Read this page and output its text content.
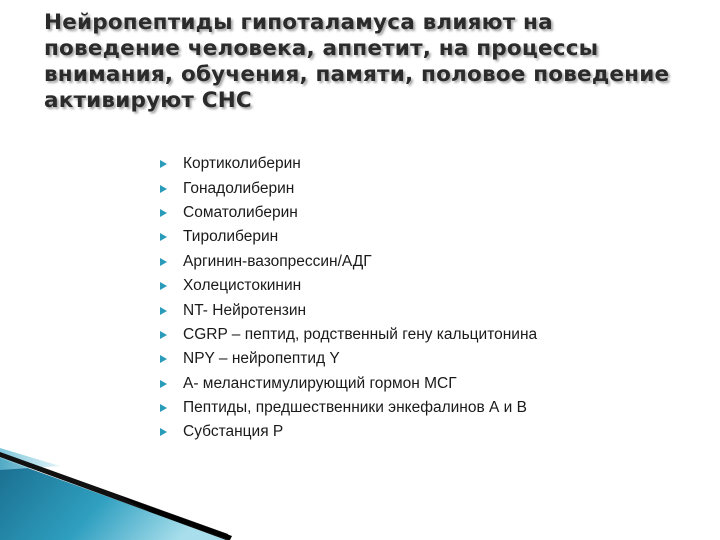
Нейропептиды гипоталамуса влияют на поведение человека, аппетит, на процессы внимания, обучения, памяти, половое поведение активируют СНС
Кортиколиберин
Гонадолиберин
Соматолиберин
Тиролиберин
Аргинин-вазопрессин/АДГ
Холецистокинин
NT- Нейротензин
CGRP – пептид, родственный гену кальцитонина
NPY – нейропептид Y
A- меланстимулирующий гормон МСГ
Пептиды, предшественники энкефалинов А и В
Субстанция Р
